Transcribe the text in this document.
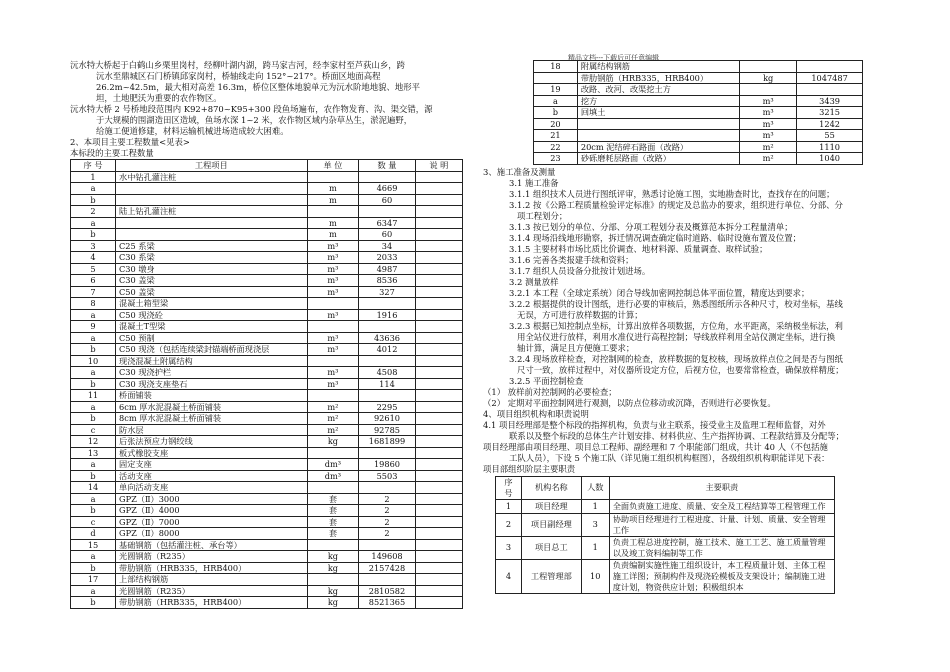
精品文档---下载后可任意编辑

沅水特大桥起于白鹤山乡栗里岗村，经柳叶湖内湖，跨马家吉河，经李家村至芦荻山乡，跨

沅水至鼎城区石门桥镇邱家岗村，桥轴线走向 152°~217°。桥面区地面高程

26.2m~42.5m，最大相对高差 16.3m，桥位区整体地貌单元为沅水阶地地貌、地形平

坦，土地肥沃为重要的农作物区。

沅水特大桥 2 号桥地段范围内 K92+870~K95+300 段鱼场遍布，农作物发育、沟、渠交错，源

于大规模的围湖造田区造域，鱼场水深 1~2 米，农作物区域内杂草丛生，淤泥遍野，

给施工便道修建，材料运输机械进场造成较大困难。

2、本项目主要工程数量<见表>

本标段的主要工程数量

序 号	工程项目	单 位	数 量	说 明
1	水中钻孔灌注桩			
a		m	4669	
b		m	60	
2	陆上钻孔灌注桩			
a		m	6347	
b		m	60	
3	C25 系梁	m³	34	
4	C30 系梁	m³	2033	
5	C30 墩身	m³	4987	
6	C30 盖梁	m³	8536	
7	C50 盖梁	m³	327	
8	混凝土箱型梁			
a	C50 现浇砼	m³	1916	
9	混凝土T型梁			
a	C50 预制	m³	43636	
b	C50 现浇（包括连续梁封锚端桥面现浇层	m³	4012	
10	现浇混凝土附属结构			
a	C30 现浇护栏	m³	4508	
b	C30 现浇支座垫石	m³	114	
11	桥面铺装			
a	6cm 厚水泥混凝土桥面铺装	m²	2295	
b	8cm 厚水泥混凝土桥面铺装	m²	92610	
c	防水层	m²	92785	
12	后张法预应力钢绞线	kg	1681899	
13	板式橡胶支座			
a	固定支座	dm³	19860	
b	活动支座	dm³	5503	
14	单向活动支座			
a	GPZ（Ⅱ）3000	套	2	
b	GPZ（Ⅱ）4000	套	2	
c	GPZ（Ⅱ）7000	套	2	
d	GPZ（Ⅱ）8000	套	2	
15	基础钢筋（包括灌注桩、承台等）			
a	光圆钢筋（R235）	kg	149608	
b	带肋钢筋（HRB335，HRB400）	kg	2157428	
17	上部结构钢筋			
a	光圆钢筋（R235）	kg	2810582	
b	带肋钢筋（HRB335，HRB400）	kg	8521365	
18	附属结构钢筋		
	带肋钢筋（HRB335，HRB400）	kg	1047487
19	改路、改河、改渠挖土方		
a	挖方	m³	3439
b	回填土	m³	3215
20		m³	1242
21		m³	55
22	20cm 泥结碎石路面（改路）	m²	1110
23	砂砾磨耗层路面（改路）	m²	1040

3、施工准备及测量

3.1 施工准备

3.1.1 组织技术人员进行图纸评审，熟悉讨论施工图，实地勘查时比，查找存在的问题；

3.1.2 按《公路工程质量检验评定标准》的规定及总监办的要求，组织进行单位、分部、分

项工程划分；

3.1.3 按已划分的单位、分部、分项工程划分表及概算范本拆分工程量清单；

3.1.4 现场沿线地形勘察，拆迁情况调查确定临时道路、临时设施布置及位置；

3.1.5 主要材料市场比质比价调查、地材料源、质量调查、取样试验；

3.1.6 完善各类报建手续和资料；

3.1.7 组织人员设备分批按计划进场。

3.2 测量放样

3.2.1 本工程（全球定系统）闭合导线加密网控制总体平面位置，精度达到要求；

3.2.2 根据提供的设计图纸，进行必要的审核后，熟悉图纸所示各种尺寸，校对坐标，基线

无误，方可进行放样数据的计算；

3.2.3 根据已知控制点坐标，计算出放样各项数据，方位角，水平距离，采纳极坐标法，利

用全站仪进行放样，利用水准仪进行高程控制；导线放样利用全站仪测定坐标，进行换

轴计算，满足且方便施工要求；

3.2.4 现场放样检查，对控制网的检查，放样数据的复校核，现场放样点位之间是否与图纸

尺寸一致，放样过程中，对仪器所设定方位，后视方位，也要常常检查，确保放样精度；

3.2.5 平面控制检查

（1） 放样前对控制网的必要检查；

（2） 定期对平面控制网进行观测，以防点位移动或沉降，否则进行必要恢复。

4、项目组织机构和职责说明

4.1 项目经理部是整个标段的指挥机构，负责与业主联系，接受业主及监理工程师监督，对外

联系以及整个标段的总体生产计划安排、材料供应、生产指挥协调、工程款结算及分配等；

项目经理部由项目经理、项目总工程师、副经理和 7 个职能部门组成，共计 40 人（不包括施

工队人员），下设 5 个施工队（详见施工组织机构框图），各级组织机构职能详见下表：

项目部组织阶层主要职责

序 号	机构名称	人数	主要职责
1	项目经理	1	全面负责施工进度、质量、安全及工程结算等工程管理工作
2	项目副经理	3	协助项目经理进行工程进度、计量、计划、质量、安全管理工作
3	项目总工	1	负责工程总进度控制，施工技术、施工工艺、施工质量管理以及竣工资料编制等工作
4	工程管理部	10	负责编制实施性施工组织设计，本工程质量计划、主体工程施工详图；预制构件及现浇砼模板及支架设计；编制施工进度计划，物资供应计划；积极组织本
